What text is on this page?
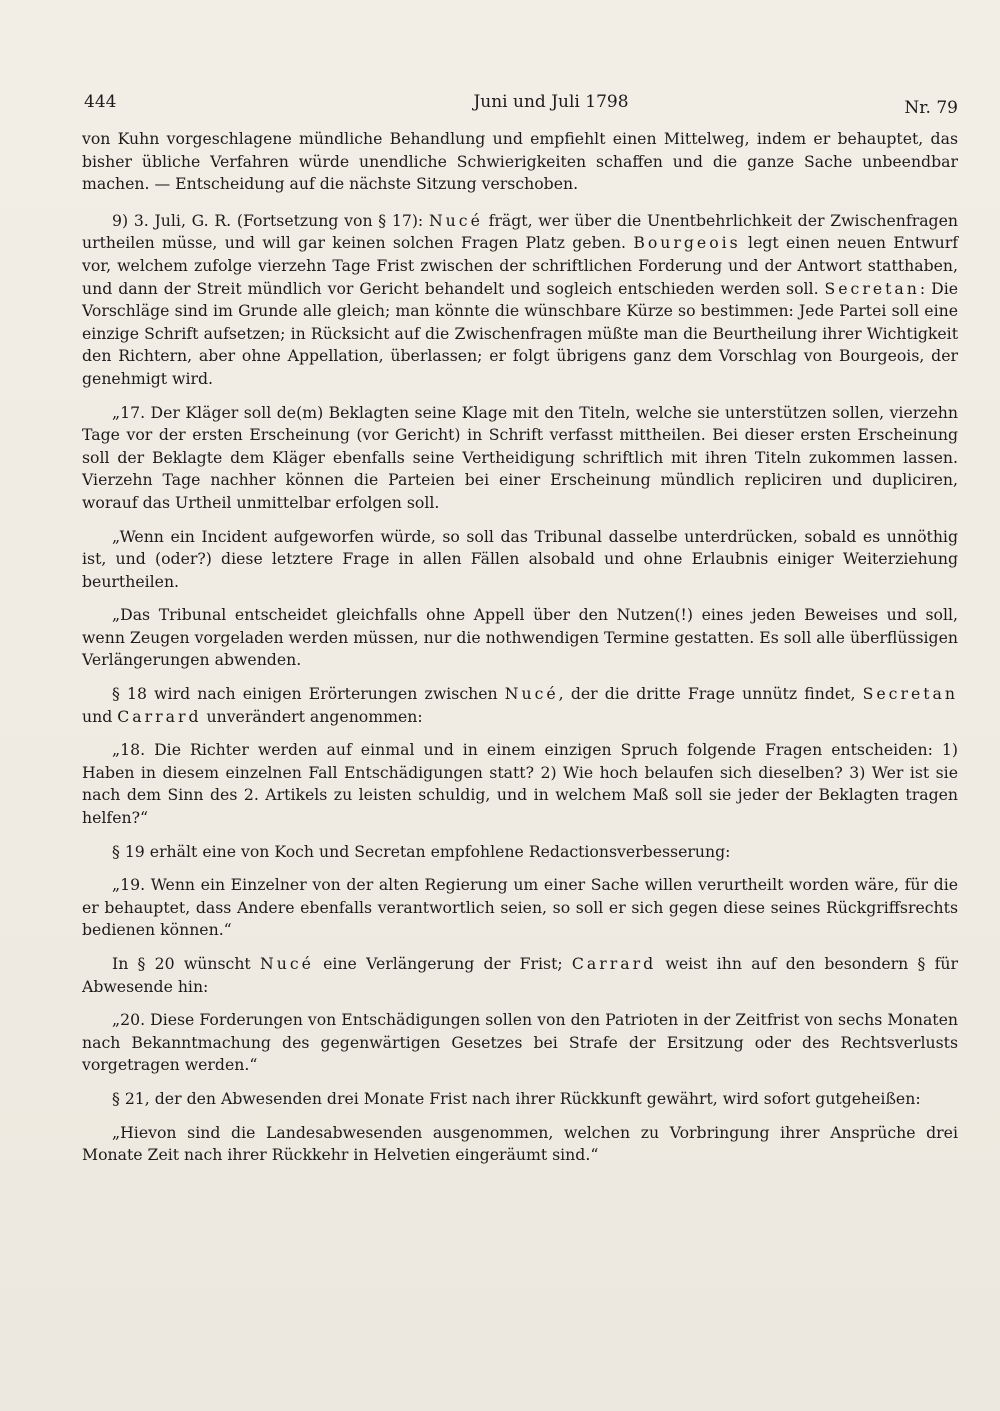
444	Juni und Juli 1798	Nr. 79

von Kuhn vorgeschlagene mündliche Behandlung und empfiehlt einen Mittelweg, indem er behauptet, das bisher übliche Verfahren würde unendliche Schwierigkeiten schaffen und die ganze Sache unbeendbar machen. — Entscheidung auf die nächste Sitzung verschoben.

9) 3. Juli, G. R. (Fortsetzung von § 17): Nucé frägt, wer über die Unentbehrlichkeit der Zwischenfragen urtheilen müsse, und will gar keinen solchen Fragen Platz geben. Bourgeois legt einen neuen Entwurf vor, welchem zufolge vierzehn Tage Frist zwischen der schriftlichen Forderung und der Antwort statthaben, und dann der Streit mündlich vor Gericht behandelt und sogleich entschieden werden soll. Secretan: Die Vorschläge sind im Grunde alle gleich; man könnte die wünschbare Kürze so bestimmen: Jede Partei soll eine einzige Schrift aufsetzen; in Rücksicht auf die Zwischenfragen müßte man die Beurtheilung ihrer Wichtigkeit den Richtern, aber ohne Appellation, überlassen; er folgt übrigens ganz dem Vorschlag von Bourgeois, der genehmigt wird.

„17. Der Kläger soll de(m) Beklagten seine Klage mit den Titeln, welche sie unterstützen sollen, vierzehn Tage vor der ersten Erscheinung (vor Gericht) in Schrift verfasst mittheilen. Bei dieser ersten Erscheinung soll der Beklagte dem Kläger ebenfalls seine Vertheidigung schriftlich mit ihren Titeln zukommen lassen. Vierzehn Tage nachher können die Parteien bei einer Erscheinung mündlich repliciren und dupliciren, worauf das Urtheil unmittelbar erfolgen soll.

„Wenn ein Incident aufgeworfen würde, so soll das Tribunal dasselbe unterdrücken, sobald es unnöthig ist, und (oder?) diese letztere Frage in allen Fällen alsobald und ohne Erlaubnis einiger Weiterziehung beurtheilen.

„Das Tribunal entscheidet gleichfalls ohne Appell über den Nutzen(!) eines jeden Beweises und soll, wenn Zeugen vorgeladen werden müssen, nur die nothwendigen Termine gestatten. Es soll alle überflüssigen Verlängerungen abwenden.

§ 18 wird nach einigen Erörterungen zwischen Nucé, der die dritte Frage unnütz findet, Secretan und Carrard unverändert angenommen:

„18. Die Richter werden auf einmal und in einem einzigen Spruch folgende Fragen entscheiden: 1) Haben in diesem einzelnen Fall Entschädigungen statt? 2) Wie hoch belaufen sich dieselben? 3) Wer ist sie nach dem Sinn des 2. Artikels zu leisten schuldig, und in welchem Maß soll sie jeder der Beklagten tragen helfen?“

§ 19 erhält eine von Koch und Secretan empfohlene Redactionsverbesserung:

„19. Wenn ein Einzelner von der alten Regierung um einer Sache willen verurtheilt worden wäre, für die er behauptet, dass Andere ebenfalls verantwortlich seien, so soll er sich gegen diese seines Rückgriffsrechts bedienen können.“

In § 20 wünscht Nucé eine Verlängerung der Frist; Carrard weist ihn auf den besondern § für Abwesende hin:

„20. Diese Forderungen von Entschädigungen sollen von den Patrioten in der Zeitfrist von sechs Monaten nach Bekanntmachung des gegenwärtigen Gesetzes bei Strafe der Ersitzung oder des Rechtsverlusts vorgetragen werden.“

§ 21, der den Abwesenden drei Monate Frist nach ihrer Rückkunft gewährt, wird sofort gutgeheißen:

„Hievon sind die Landesabwesenden ausgenommen, welchen zu Vorbringung ihrer Ansprüche drei Monate Zeit nach ihrer Rückkehr in Helvetien eingeräumt sind.“
